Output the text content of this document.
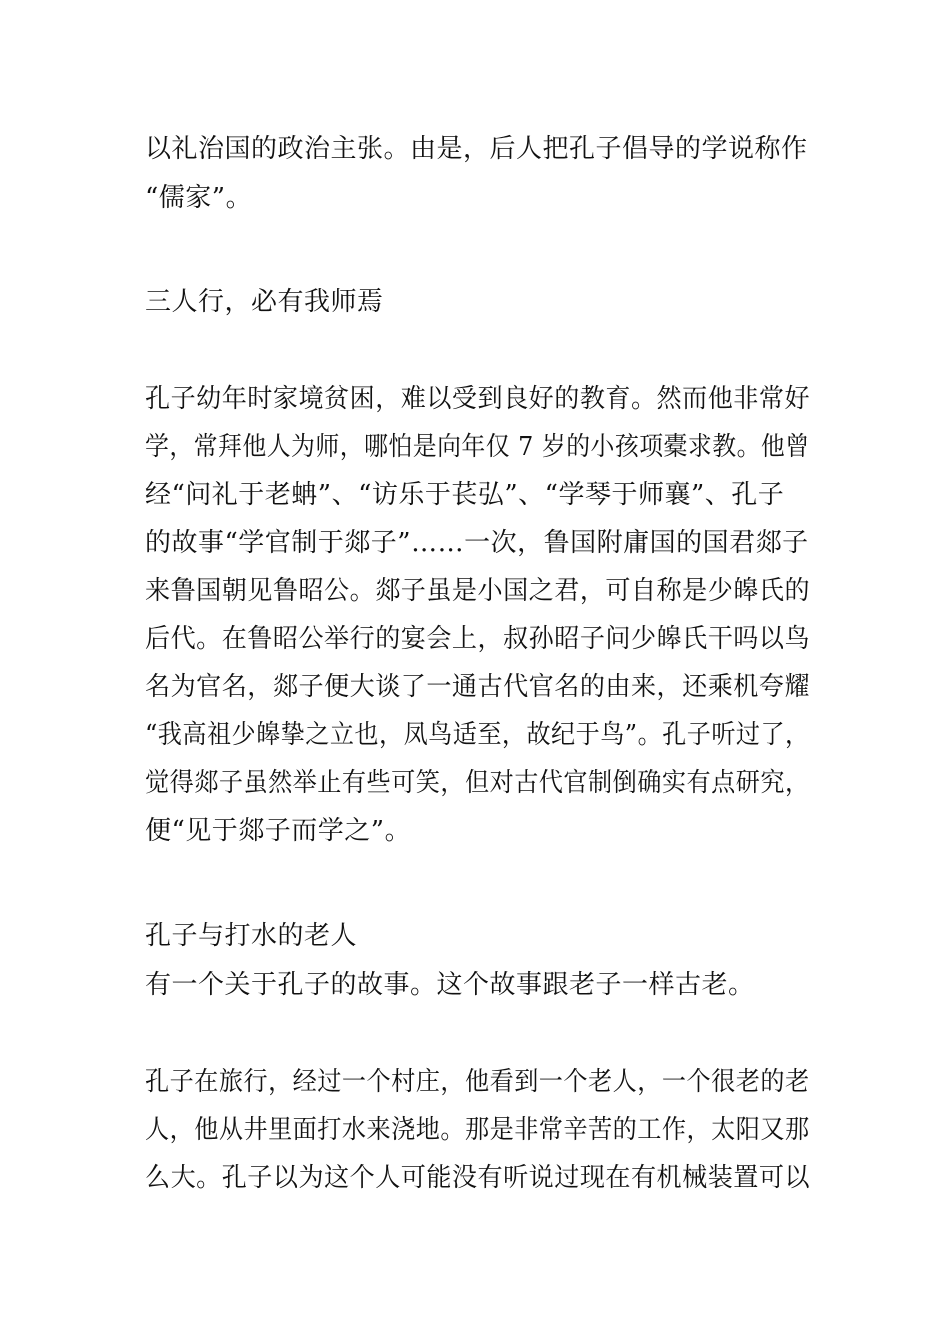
以礼治国的政治主张。由是，后人把孔子倡导的学说称作
“儒家”。
三人行，必有我师焉
孔子幼年时家境贫困，难以受到良好的教育。然而他非常好
学，常拜他人为师，哪怕是向年仅 7 岁的小孩项橐求教。他曾
经“问礼于老蚺”、“访乐于苌弘”、“学琴于师襄”、孔子
的故事“学官制于郯子”……一次，鲁国附庸国的国君郯子
来鲁国朝见鲁昭公。郯子虽是小国之君，可自称是少皞氏的
后代。在鲁昭公举行的宴会上，叔孙昭子问少皞氏干吗以鸟
名为官名，郯子便大谈了一通古代官名的由来，还乘机夸耀
“我高祖少皞挚之立也，凤鸟适至，故纪于鸟”。孔子听过了，
觉得郯子虽然举止有些可笑，但对古代官制倒确实有点研究，
便“见于郯子而学之”。
孔子与打水的老人
有一个关于孔子的故事。这个故事跟老子一样古老。
孔子在旅行，经过一个村庄，他看到一个老人，一个很老的老
人，他从井里面打水来浇地。那是非常辛苦的工作，太阳又那
么大。孔子以为这个人可能没有听说过现在有机械装置可以
